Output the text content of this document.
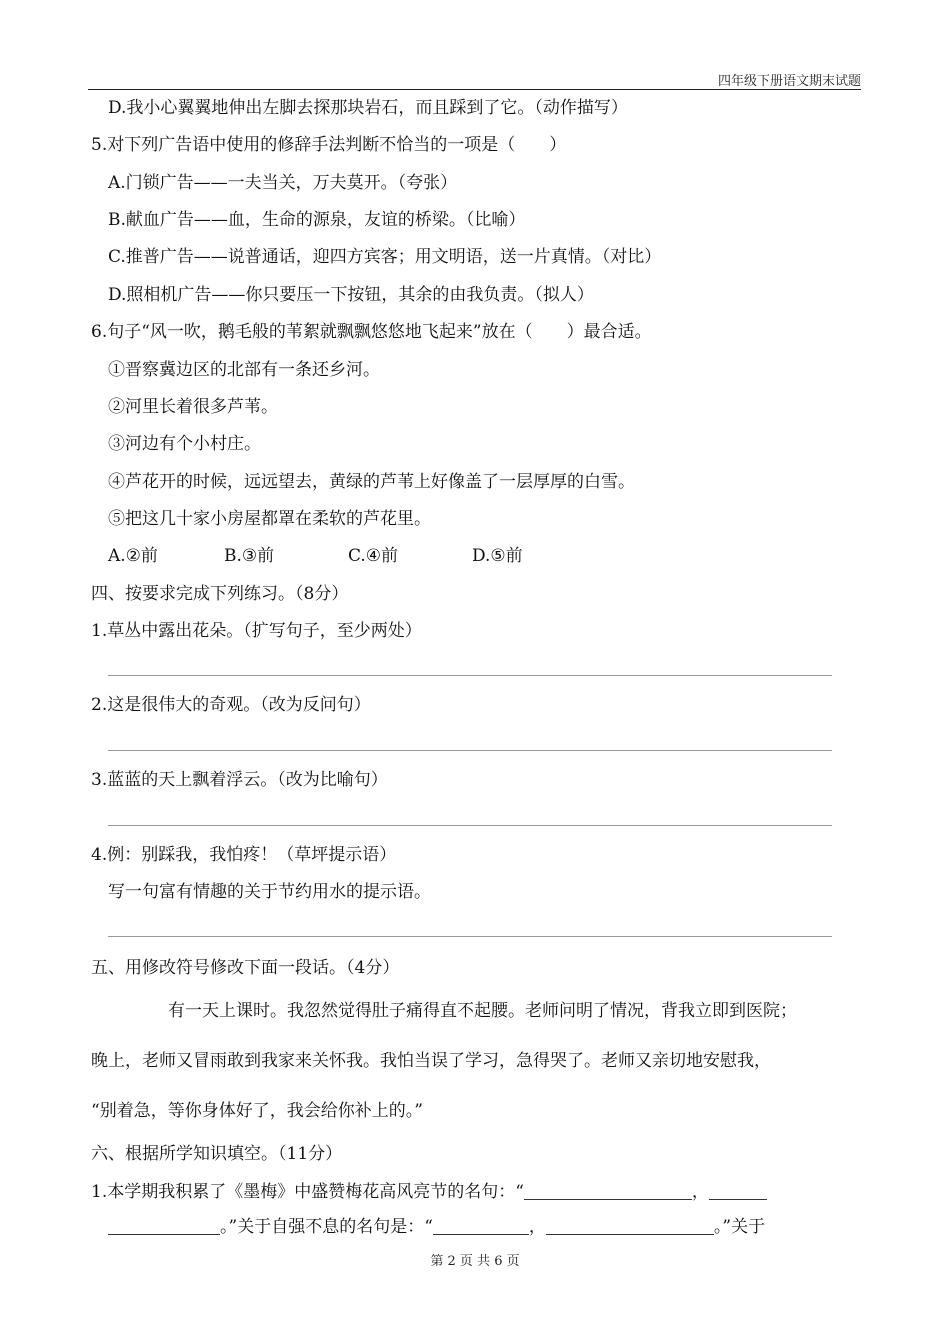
四年级下册语文期末试题
D.我小心翼翼地伸出左脚去探那块岩石，而且踩到了它。（动作描写）
5.对下列广告语中使用的修辞手法判断不恰当的一项是（　　）
A.门锁广告——一夫当关，万夫莫开。（夸张）
B.献血广告——血，生命的源泉，友谊的桥梁。（比喻）
C.推普广告——说普通话，迎四方宾客；用文明语，送一片真情。（对比）
D.照相机广告——你只要压一下按钮，其余的由我负责。（拟人）
6.句子“风一吹，鹅毛般的苇絮就飘飘悠悠地飞起来”放在（　　）最合适。
①晋察冀边区的北部有一条还乡河。
②河里长着很多芦苇。
③河边有个小村庄。
④芦花开的时候，远远望去，黄绿的芦苇上好像盖了一层厚厚的白雪。
⑤把这几十家小房屋都罩在柔软的芦花里。
A.②前	B.③前	C.④前	D.⑤前
四、按要求完成下列练习。（8分）
1.草丛中露出花朵。（扩写句子，至少两处）
2.这是很伟大的奇观。（改为反问句）
3.蓝蓝的天上飘着浮云。（改为比喻句）
4.例：别踩我，我怕疼！（草坪提示语）
写一句富有情趣的关于节约用水的提示语。
五、用修改符号修改下面一段话。（4分）
有一天上课时。我忽然觉得肚子痛得直不起腰。老师问明了情况，背我立即到医院；
晚上，老师又冒雨敢到我家来关怀我。我怕当误了学习，急得哭了。老师又亲切地安慰我，
“别着急，等你身体好了，我会给你补上的。”
六、根据所学知识填空。（11分）
1.本学期我积累了《墨梅》中盛赞梅花高风亮节的名句：“	，
。”关于自强不息的名句是：“	，	。”关于
第 2 页 共 6 页
